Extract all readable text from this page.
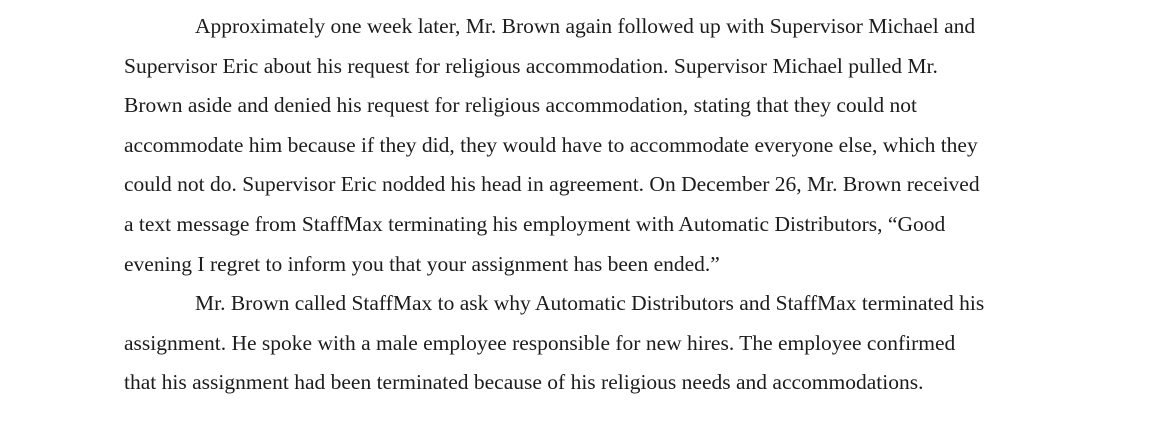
Approximately one week later, Mr. Brown again followed up with Supervisor Michael and
Supervisor Eric about his request for religious accommodation. Supervisor Michael pulled Mr.
Brown aside and denied his request for religious accommodation, stating that they could not
accommodate him because if they did, they would have to accommodate everyone else, which they
could not do. Supervisor Eric nodded his head in agreement. On December 26, Mr. Brown received
a text message from StaffMax terminating his employment with Automatic Distributors, “Good
evening I regret to inform you that your assignment has been ended.”
Mr. Brown called StaffMax to ask why Automatic Distributors and StaffMax terminated his
assignment. He spoke with a male employee responsible for new hires. The employee confirmed
that his assignment had been terminated because of his religious needs and accommodations.
